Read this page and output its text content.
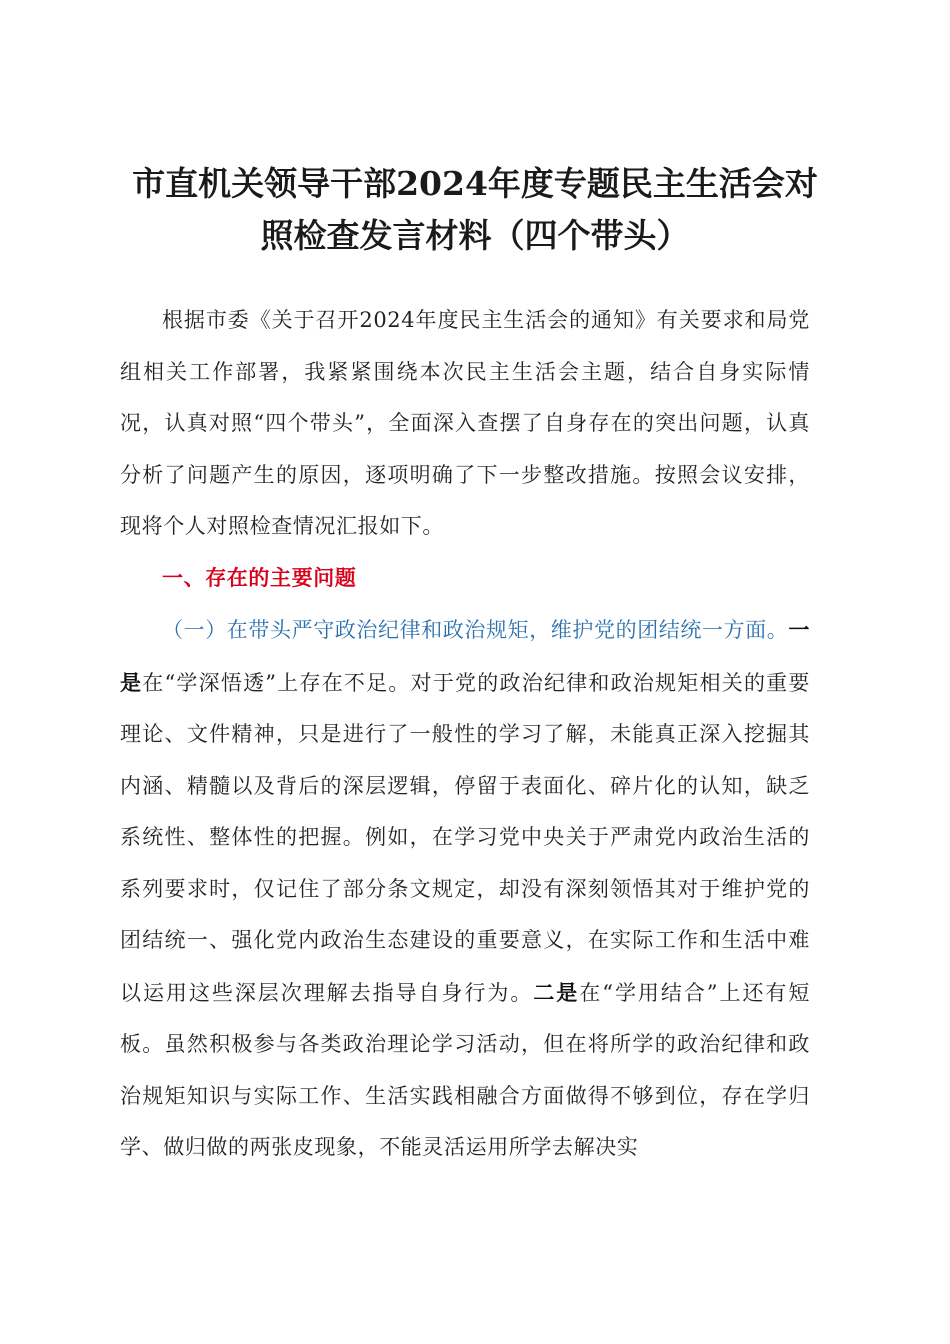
市直机关领导干部2024年度专题民主生活会对
照检查发言材料（四个带头）

根据市委《关于召开2024年度民主生活会的通知》有关要求和局党组相关工作部署，我紧紧围绕本次民主生活会主题，结合自身实际情况，认真对照“四个带头”，全面深入查摆了自身存在的突出问题，认真分析了问题产生的原因，逐项明确了下一步整改措施。按照会议安排，现将个人对照检查情况汇报如下。

一、存在的主要问题

（一）在带头严守政治纪律和政治规矩，维护党的团结统一方面。一是在“学深悟透”上存在不足。对于党的政治纪律和政治规矩相关的重要理论、文件精神，只是进行了一般性的学习了解，未能真正深入挖掘其内涵、精髓以及背后的深层逻辑，停留于表面化、碎片化的认知，缺乏系统性、整体性的把握。例如，在学习党中央关于严肃党内政治生活的系列要求时，仅记住了部分条文规定，却没有深刻领悟其对于维护党的团结统一、强化党内政治生态建设的重要意义，在实际工作和生活中难以运用这些深层次理解去指导自身行为。二是在“学用结合”上还有短板。虽然积极参与各类政治理论学习活动，但在将所学的政治纪律和政治规矩知识与实际工作、生活实践相融合方面做得不够到位，存在学归学、做归做的两张皮现象，不能灵活运用所学去解决实
